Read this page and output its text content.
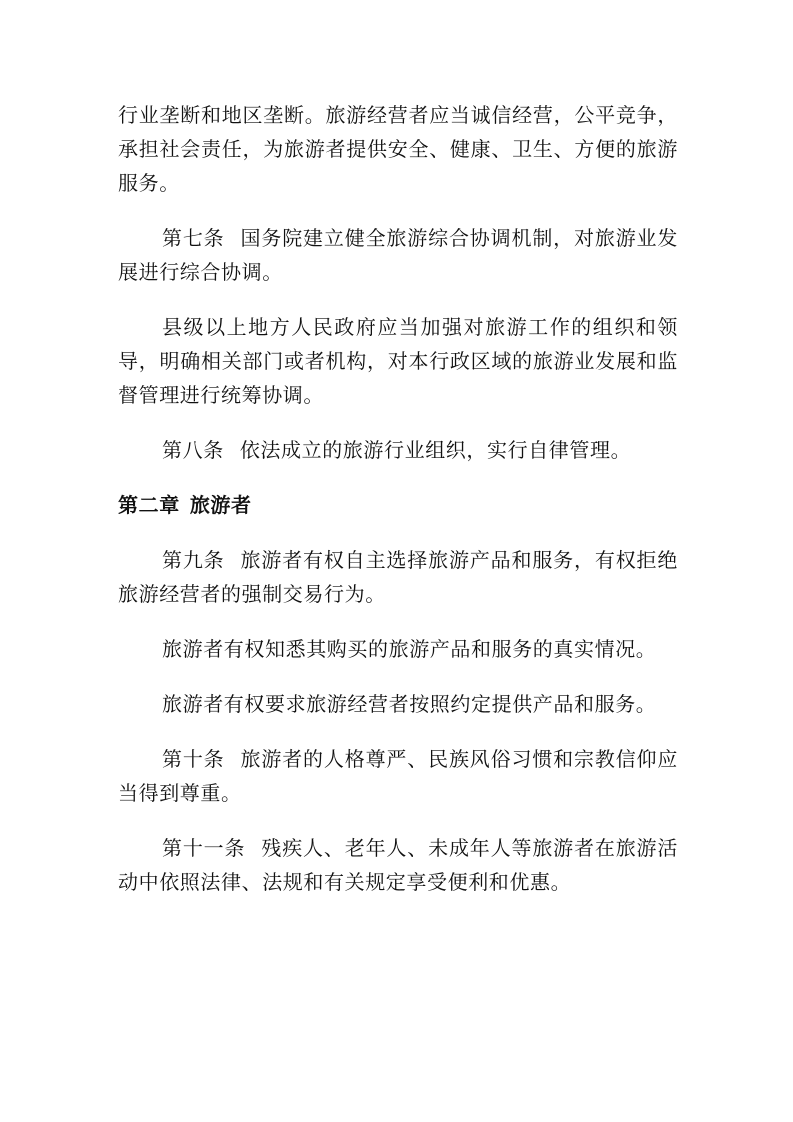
行业垄断和地区垄断。旅游经营者应当诚信经营，公平竞争，承担社会责任，为旅游者提供安全、健康、卫生、方便的旅游服务。

第七条 国务院建立健全旅游综合协调机制，对旅游业发展进行综合协调。

县级以上地方人民政府应当加强对旅游工作的组织和领导，明确相关部门或者机构，对本行政区域的旅游业发展和监督管理进行统筹协调。

第八条 依法成立的旅游行业组织，实行自律管理。

第二章 旅游者

第九条 旅游者有权自主选择旅游产品和服务，有权拒绝旅游经营者的强制交易行为。

旅游者有权知悉其购买的旅游产品和服务的真实情况。

旅游者有权要求旅游经营者按照约定提供产品和服务。

第十条 旅游者的人格尊严、民族风俗习惯和宗教信仰应当得到尊重。

第十一条 残疾人、老年人、未成年人等旅游者在旅游活动中依照法律、法规和有关规定享受便利和优惠。
